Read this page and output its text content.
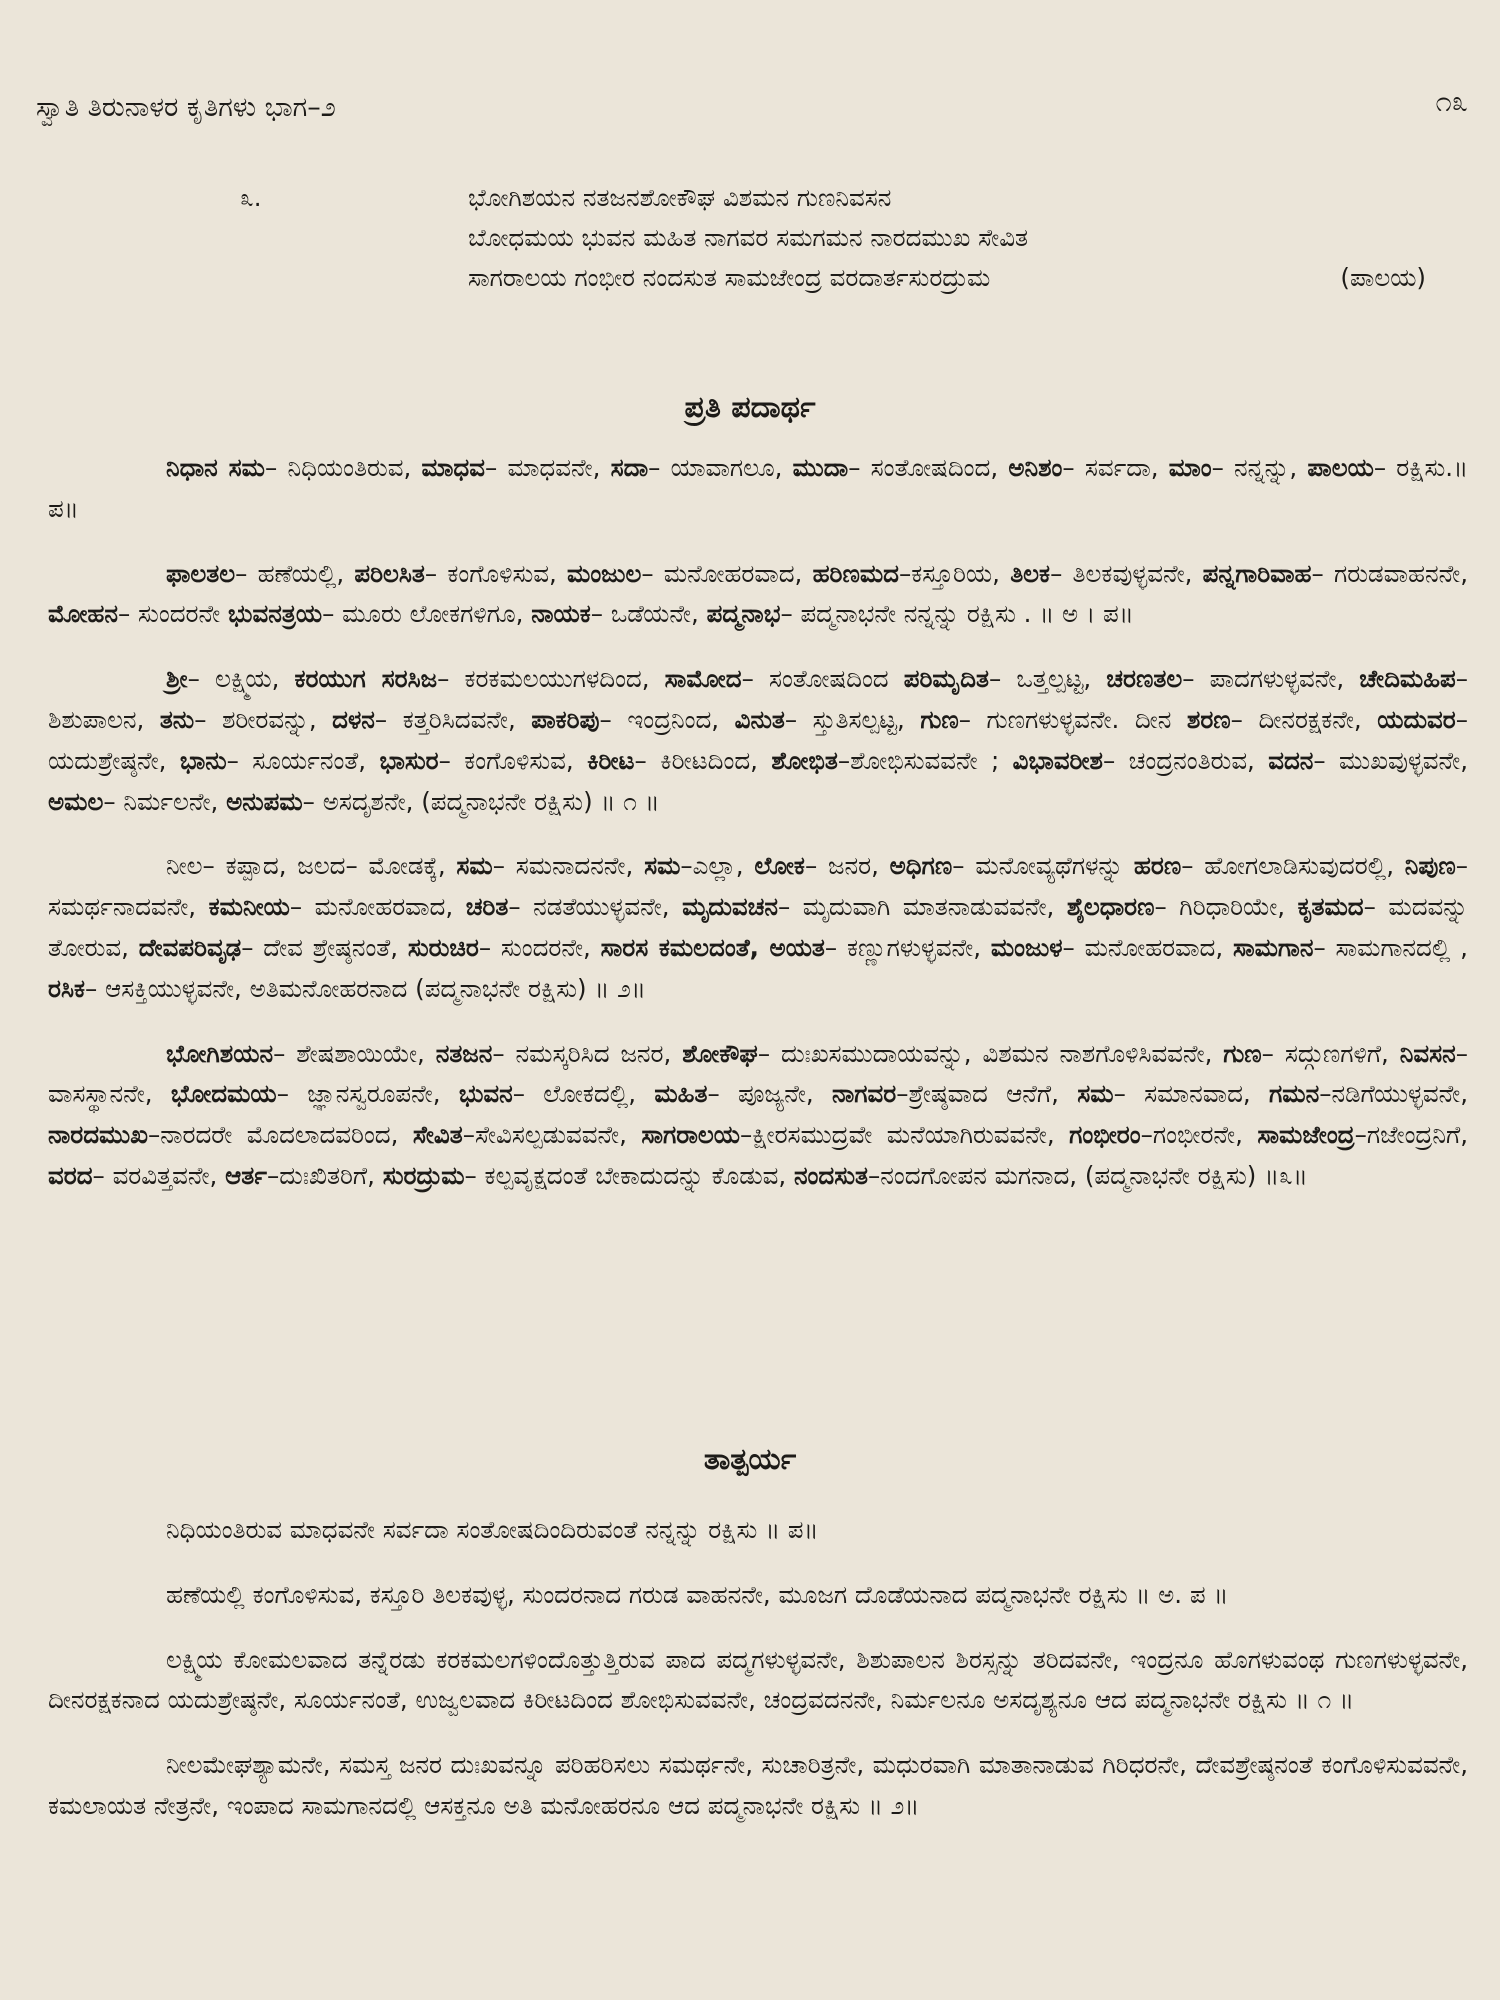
ಸ್ವಾತಿ ತಿರುನಾಳರ ಕೃತಿಗಳು ಭಾಗ–೨	೧೩
೩.	ಭೋಗಿಶಯನ ನತಜನಶೋಕೌಘ ವಿಶಮನ ಗುಣನಿವಸನ
ಬೋಧಮಯ ಭುವನ ಮಹಿತ ನಾಗವರ ಸಮಗಮನ ನಾರದಮುಖ ಸೇವಿತ
ಸಾಗರಾಲಯ ಗಂಭೀರ ನಂದಸುತ ಸಾಮಜೇಂದ್ರ ವರದಾರ್ತಸುರದ್ರುಮ	(ಪಾಲಯ)
ಪ್ರತಿ ಪದಾರ್ಥ

ನಿಧಾನ ಸಮ– ನಿಧಿಯಂತಿರುವ, ಮಾಧವ– ಮಾಧವನೇ, ಸದಾ– ಯಾವಾಗಲೂ, ಮುದಾ– ಸಂತೋಷದಿಂದ, ಅನಿಶಂ– ಸರ್ವದಾ, ಮಾಂ– ನನ್ನನ್ನು, ಪಾಲಯ– ರಕ್ಷಿಸು.॥ ಪ॥

ಫಾಲತಲ– ಹಣೆಯಲ್ಲಿ, ಪರಿಲಸಿತ– ಕಂಗೊಳಿಸುವ, ಮಂಜುಲ– ಮನೋಹರವಾದ, ಹರಿಣಮದ–ಕಸ್ತೂರಿಯ, ತಿಲಕ– ತಿಲಕವುಳ್ಳವನೇ, ಪನ್ನಗಾರಿವಾಹ– ಗರುಡವಾಹನನೇ, ಮೋಹನ– ಸುಂದರನೇ ಭುವನತ್ರಯ– ಮೂರು ಲೋಕಗಳಿಗೂ, ನಾಯಕ– ಒಡೆಯನೇ, ಪದ್ಮನಾಭ– ಪದ್ಮನಾಭನೇ ನನ್ನನ್ನು ರಕ್ಷಿಸು . ॥ ಅ । ಪ॥

ಶ್ರೀ– ಲಕ್ಷ್ಮಿಯ, ಕರಯುಗ ಸರಸಿಜ– ಕರಕಮಲಯುಗಳದಿಂದ, ಸಾಮೋದ– ಸಂತೋಷದಿಂದ ಪರಿಮೃದಿತ– ಒತ್ತಲ್ಪಟ್ಟ, ಚರಣತಲ– ಪಾದಗಳುಳ್ಳವನೇ, ಚೇದಿಮಹಿಪ– ಶಿಶುಪಾಲನ, ತನು– ಶರೀರವನ್ನು, ದಳನ– ಕತ್ತರಿಸಿದವನೇ, ಪಾಕರಿಪು– ಇಂದ್ರನಿಂದ, ವಿನುತ– ಸ್ತುತಿಸಲ್ಪಟ್ಟ, ಗುಣ– ಗುಣಗಳುಳ್ಳವನೇ. ದೀನ ಶರಣ– ದೀನರಕ್ಷಕನೇ, ಯದುವರ– ಯದುಶ್ರೇಷ್ಠನೇ, ಭಾನು– ಸೂರ್ಯನಂತೆ, ಭಾಸುರ– ಕಂಗೊಳಿಸುವ, ಕಿರೀಟ– ಕಿರೀಟದಿಂದ, ಶೋಭಿತ–ಶೋಭಿಸುವವನೇ ; ವಿಭಾವರೀಶ– ಚಂದ್ರನಂತಿರುವ, ವದನ– ಮುಖವುಳ್ಳವನೇ, ಅಮಲ– ನಿರ್ಮಲನೇ, ಅನುಪಮ– ಅಸದೃಶನೇ, (ಪದ್ಮನಾಭನೇ ರಕ್ಷಿಸು) ॥ ೧ ॥

ನೀಲ– ಕಪ್ಪಾದ, ಜಲದ– ಮೋಡಕ್ಕೆ, ಸಮ– ಸಮನಾದನನೇ, ಸಮ–ಎಲ್ಲಾ, ಲೋಕ– ಜನರ, ಅಧಿಗಣ– ಮನೋವ್ಯಥೆಗಳನ್ನು ಹರಣ– ಹೋಗಲಾಡಿಸುವುದರಲ್ಲಿ, ನಿಪುಣ– ಸಮರ್ಥನಾದವನೇ, ಕಮನೀಯ– ಮನೋಹರವಾದ, ಚರಿತ– ನಡತೆಯುಳ್ಳವನೇ, ಮೃದುವಚನ– ಮೃದುವಾಗಿ ಮಾತನಾಡುವವನೇ, ಶೈಲಧಾರಣ– ಗಿರಿಧಾರಿಯೇ, ಕೃತಮದ– ಮದವನ್ನು ತೋರುವ, ದೇವಪರಿವೃಢ– ದೇವ ಶ್ರೇಷ್ಠನಂತೆ, ಸುರುಚಿರ– ಸುಂದರನೇ, ಸಾರಸ ಕಮಲದಂತೆ, ಅಯತ– ಕಣ್ಣುಗಳುಳ್ಳವನೇ, ಮಂಜುಳ– ಮನೋಹರವಾದ, ಸಾಮಗಾನ– ಸಾಮಗಾನದಲ್ಲಿ , ರಸಿಕ– ಆಸಕ್ತಿಯುಳ್ಳವನೇ, ಅತಿಮನೋಹರನಾದ (ಪದ್ಮನಾಭನೇ ರಕ್ಷಿಸು) ॥ ೨॥

ಭೋಗಿಶಯನ– ಶೇಷಶಾಯಿಯೇ, ನತಜನ– ನಮಸ್ಕರಿಸಿದ ಜನರ, ಶೋಕೌಘ– ದುಃಖಸಮುದಾಯವನ್ನು, ವಿಶಮನ ನಾಶಗೊಳಿಸಿವವನೇ, ಗುಣ– ಸದ್ಗುಣಗಳಿಗೆ, ನಿವಸನ– ವಾಸಸ್ಥಾನನೇ, ಭೋದಮಯ– ಜ್ಞಾನಸ್ವರೂಪನೇ, ಭುವನ– ಲೋಕದಲ್ಲಿ, ಮಹಿತ– ಪೂಜ್ಯನೇ, ನಾಗವರ–ಶ್ರೇಷ್ಠವಾದ ಆನೆಗೆ, ಸಮ– ಸಮಾನವಾದ, ಗಮನ–ನಡಿಗೆಯುಳ್ಳವನೇ, ನಾರದಮುಖ–ನಾರದರೇ ಮೊದಲಾದವರಿಂದ, ಸೇವಿತ–ಸೇವಿಸಲ್ಪಡುವವನೇ, ಸಾಗರಾಲಯ–ಕ್ಷೀರಸಮುದ್ರವೇ ಮನೆಯಾಗಿರುವವನೇ, ಗಂಭೀರಂ–ಗಂಭೀರನೇ, ಸಾಮಜೇಂದ್ರ–ಗಜೇಂದ್ರನಿಗೆ, ವರದ– ವರವಿತ್ತವನೇ, ಆರ್ತ–ದುಃಖಿತರಿಗೆ, ಸುರದ್ರುಮ– ಕಲ್ಪವೃಕ್ಷದಂತೆ ಬೇಕಾದುದನ್ನು ಕೊಡುವ, ನಂದಸುತ–ನಂದಗೋಪನ ಮಗನಾದ, (ಪದ್ಮನಾಭನೇ ರಕ್ಷಿಸು) ॥೩॥

ತಾತ್ಪರ್ಯ

ನಿಧಿಯಂತಿರುವ ಮಾಧವನೇ ಸರ್ವದಾ ಸಂತೋಷದಿಂದಿರುವಂತೆ ನನ್ನನ್ನು ರಕ್ಷಿಸು ॥ ಪ॥

ಹಣೆಯಲ್ಲಿ ಕಂಗೊಳಿಸುವ, ಕಸ್ತೂರಿ ತಿಲಕವುಳ್ಳ, ಸುಂದರನಾದ ಗರುಡ ವಾಹನನೇ, ಮೂಜಗ ದೊಡೆಯನಾದ ಪದ್ಮನಾಭನೇ ರಕ್ಷಿಸು ॥ ಅ. ಪ ॥

ಲಕ್ಷ್ಮಿಯ ಕೋಮಲವಾದ ತನ್ನೆರಡು ಕರಕಮಲಗಳಿಂದೊತ್ತುತ್ತಿರುವ ಪಾದ ಪದ್ಮಗಳುಳ್ಳವನೇ, ಶಿಶುಪಾಲನ ಶಿರಸ್ಸನ್ನು ತರಿದವನೇ, ಇಂದ್ರನೂ ಹೊಗಳುವಂಥ ಗುಣಗಳುಳ್ಳವನೇ, ದೀನರಕ್ಷಕನಾದ ಯದುಶ್ರೇಷ್ಠನೇ, ಸೂರ್ಯನಂತೆ, ಉಜ್ವಲವಾದ ಕಿರೀಟದಿಂದ ಶೋಭಿಸುವವನೇ, ಚಂದ್ರವದನನೇ, ನಿರ್ಮಲನೂ ಅಸದೃಶ್ಯನೂ ಆದ ಪದ್ಮನಾಭನೇ ರಕ್ಷಿಸು ॥ ೧ ॥

ನೀಲಮೇಘಶ್ಯಾಮನೇ, ಸಮಸ್ತ ಜನರ ದುಃಖವನ್ನೂ ಪರಿಹರಿಸಲು ಸಮರ್ಥನೇ, ಸುಚಾರಿತ್ರನೇ, ಮಧುರವಾಗಿ ಮಾತಾನಾಡುವ ಗಿರಿಧರನೇ, ದೇವಶ್ರೇಷ್ಠನಂತೆ ಕಂಗೊಳಿಸುವವನೇ, ಕಮಲಾಯತ ನೇತ್ರನೇ, ಇಂಪಾದ ಸಾಮಗಾನದಲ್ಲಿ ಆಸಕ್ತನೂ ಅತಿ ಮನೋಹರನೂ ಆದ ಪದ್ಮನಾಭನೇ ರಕ್ಷಿಸು ॥ ೨॥
